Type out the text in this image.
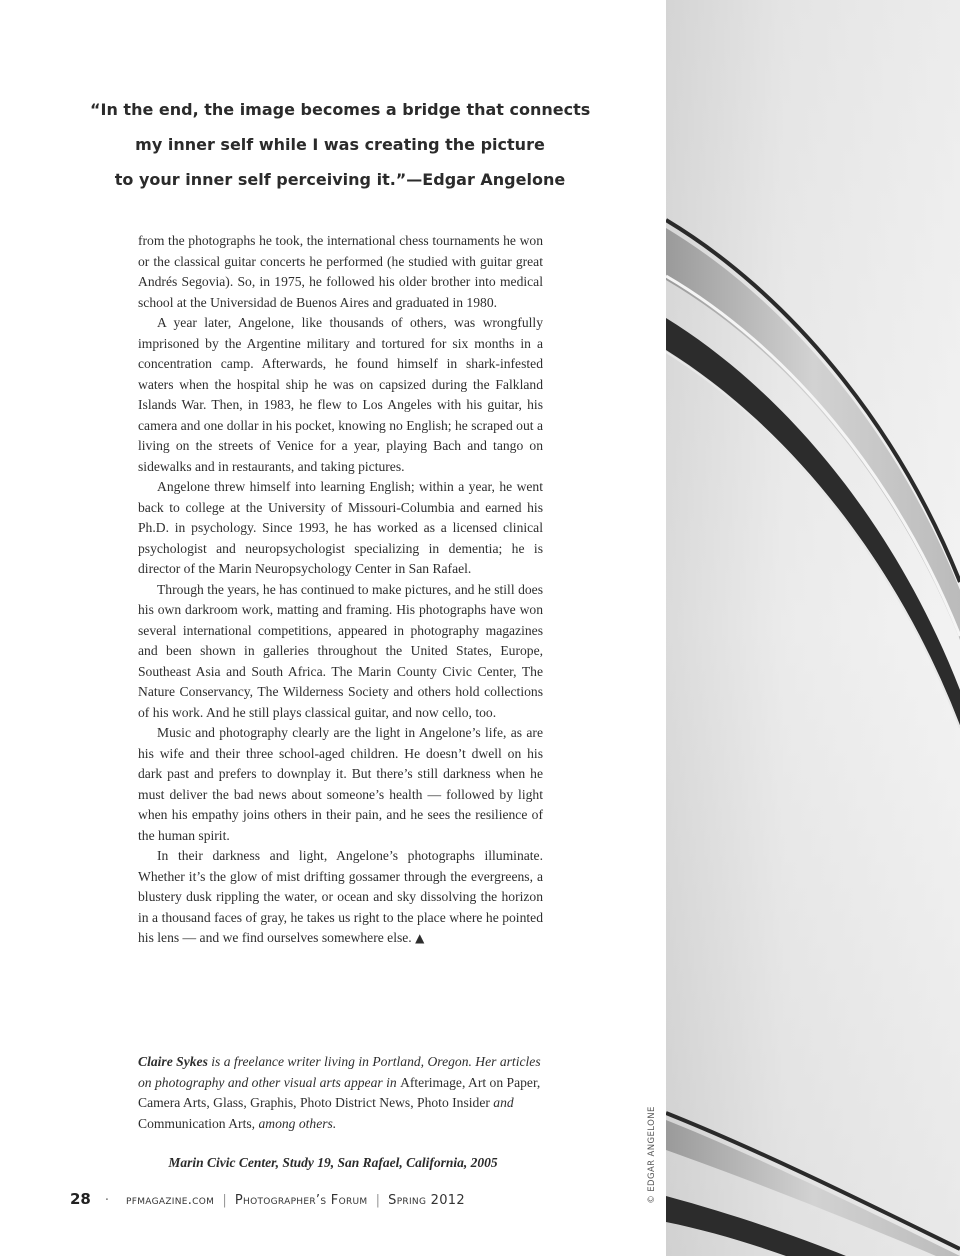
“In the end, the image becomes a bridge that connects
my inner self while I was creating the picture
to your inner self perceiving it.”—Edgar Angelone

from the photographs he took, the international chess tournaments he won or the classical guitar concerts he performed (he studied with guitar great Andrés Segovia). So, in 1975, he followed his older brother into medical school at the Universidad de Buenos Aires and graduated in 1980.

A year later, Angelone, like thousands of others, was wrongfully imprisoned by the Argentine military and tortured for six months in a concentration camp. Afterwards, he found himself in shark-infested waters when the hospital ship he was on capsized during the Falkland Islands War. Then, in 1983, he flew to Los Angeles with his guitar, his camera and one dollar in his pocket, knowing no English; he scraped out a living on the streets of Venice for a year, playing Bach and tango on sidewalks and in restaurants, and taking pictures.

Angelone threw himself into learning English; within a year, he went back to college at the University of Missouri-Columbia and earned his Ph.D. in psychology. Since 1993, he has worked as a licensed clinical psychologist and neuropsychologist specializing in dementia; he is director of the Marin Neuropsychology Center in San Rafael.

Through the years, he has continued to make pictures, and he still does his own darkroom work, matting and framing. His photographs have won several international competitions, appeared in photography magazines and been shown in galleries throughout the United States, Europe, Southeast Asia and South Africa. The Marin County Civic Center, The Nature Conservancy, The Wilderness Society and others hold collections of his work. And he still plays classical guitar, and now cello, too.

Music and photography clearly are the light in Angelone’s life, as are his wife and their three school-aged children. He doesn’t dwell on his dark past and prefers to downplay it. But there’s still darkness when he must deliver the bad news about someone’s health — followed by light when his empathy joins others in their pain, and he sees the resilience of the human spirit.

In their darkness and light, Angelone’s photographs illuminate. Whether it’s the glow of mist drifting gossamer through the evergreens, a blustery dusk rippling the water, or ocean and sky dissolving the horizon in a thousand faces of gray, he takes us right to the place where he pointed his lens — and we find ourselves somewhere else. ▲

Claire Sykes is a freelance writer living in Portland, Oregon. Her articles on photography and other visual arts appear in Afterimage, Art on Paper, Camera Arts, Glass, Graphis, Photo District News, Photo Insider and Communication Arts, among others.

Marin Civic Center, Study 19, San Rafael, California, 2005

28 · pfmagazine.com | Photographer’s Forum | Spring 2012	© EDGAR ANGELONE
